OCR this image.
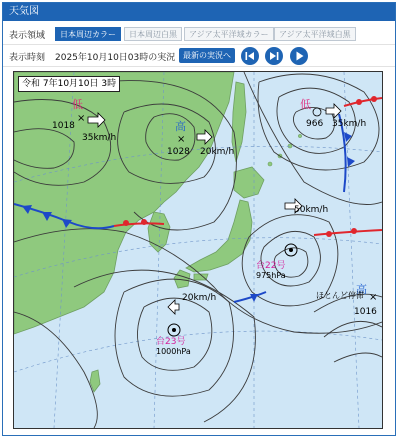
天気図
表示領域	日本周辺カラー	日本周辺白黒	アジア太平洋域カラー	アジア太平洋域白黒
表示時刻 2025年10月10日03時の実況 最新の実況へ
低
×
1018
35km/h
高
×
1028 20km/h
低
966 35km/h
50km/h
台22号
975hPa
20km/h
台23号
1000hPa
高
×
ほとんど停滞
1016
令和 7年10月10日 3時
